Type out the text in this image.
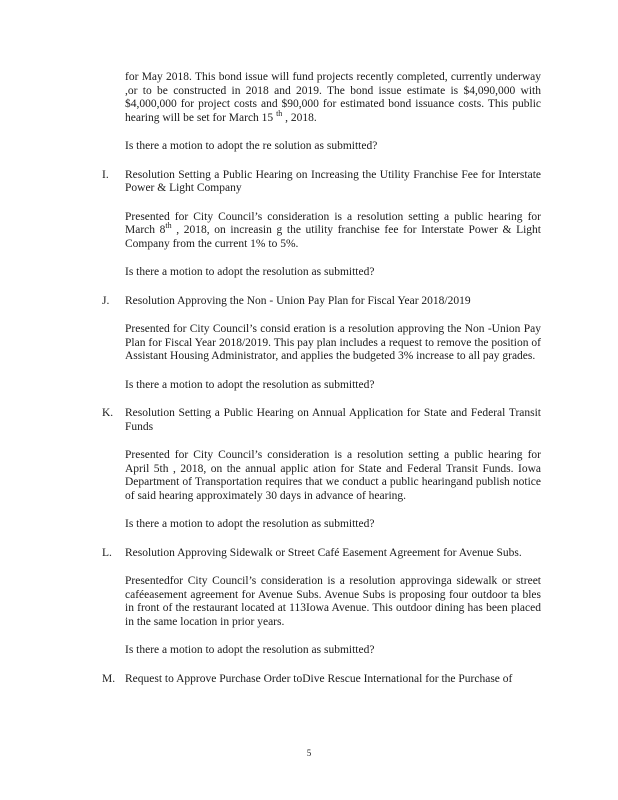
for May 2018. This bond issue will fund projects recently completed, currently underway ,or to be constructed in 2018 and 2019. The bond issue estimate is $4,090,000 with $4,000,000 for project costs and $90,000 for estimated bond issuance costs. This public hearing will be set for March 15 $^{th}$ , 2018.

Is there a motion to adopt the re solution as submitted?

I. Resolution Setting a Public Hearing on Increasing the Utility Franchise Fee for Interstate Power & Light Company

Presented for City Council’s consideration is a resolution setting a public hearing for March 8th , 2018, on increasin g the utility franchise fee for Interstate Power & Light Company from the current 1% to 5%.

Is there a motion to adopt the resolution as submitted?

J. Resolution Approving the Non - Union Pay Plan for Fiscal Year 2018/2019

Presented for City Council’s consid eration is a resolution approving the Non -Union Pay Plan for Fiscal Year 2018/2019. This pay plan includes a request to remove the position of Assistant Housing Administrator, and applies the budgeted 3% increase to all pay grades.

Is there a motion to adopt the resolution as submitted?

K. Resolution Setting a Public Hearing on Annual Application for State and Federal Transit Funds

Presented for City Council’s consideration is a resolution setting a public hearing for April 5th , 2018, on the annual applic ation for State and Federal Transit Funds. Iowa Department of Transportation requires that we conduct a public hearingand publish notice of said hearing approximately 30 days in advance of hearing.

Is there a motion to adopt the resolution as submitted?

L. Resolution Approving Sidewalk or Street Café Easement Agreement for Avenue Subs.

Presentedfor City Council’s consideration is a resolution approvinga sidewalk or street caféeasement agreement for Avenue Subs. Avenue Subs is proposing four outdoor ta bles in front of the restaurant located at 113Iowa Avenue. This outdoor dining has been placed in the same location in prior years.

Is there a motion to adopt the resolution as submitted?

M. Request to Approve Purchase Order toDive Rescue International for the Purchase of

5
